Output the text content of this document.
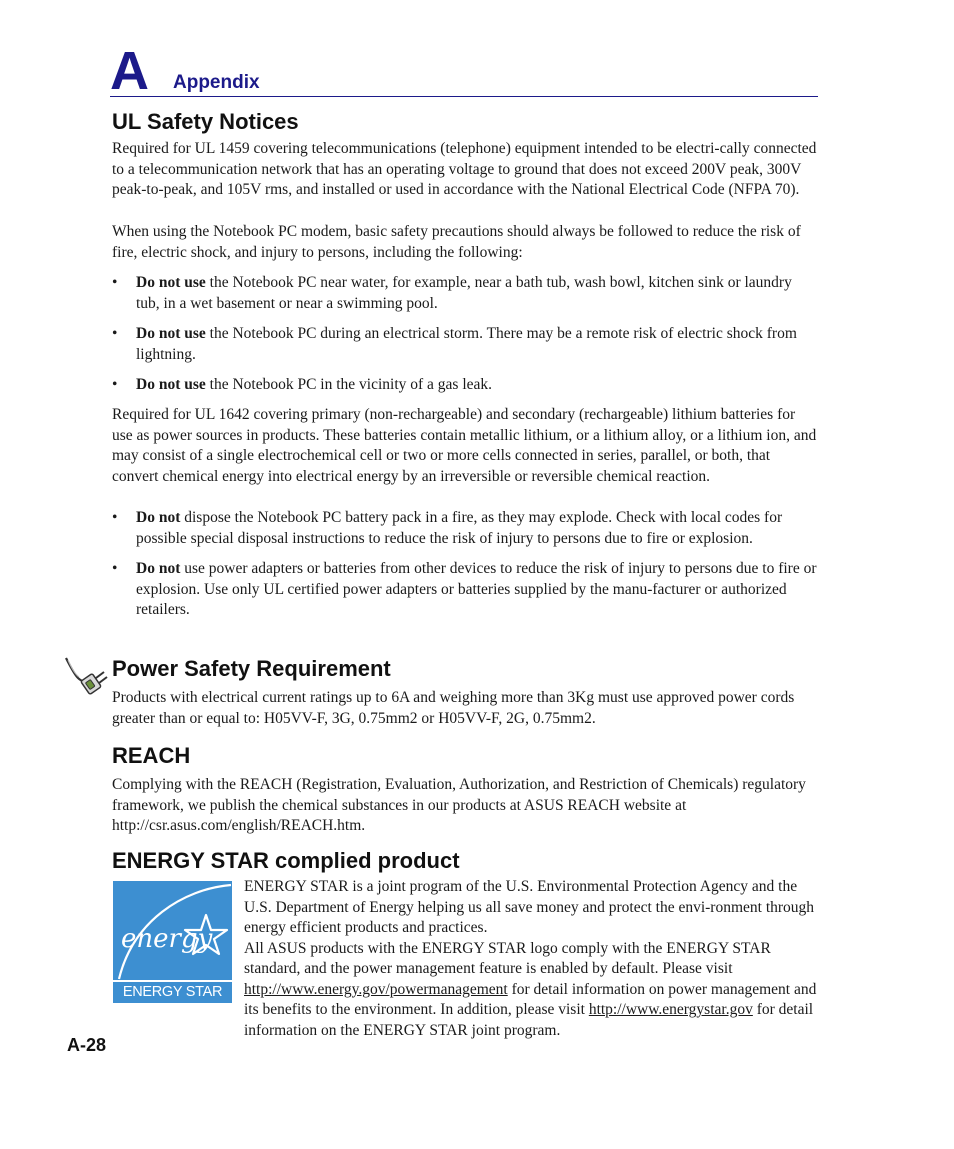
A Appendix
UL Safety Notices

Required for UL 1459 covering telecommunications (telephone) equipment intended to be electri-cally connected to a telecommunication network that has an operating voltage to ground that does not exceed 200V peak, 300V peak-to-peak, and 105V rms, and installed or used in accordance with the National Electrical Code (NFPA 70).

When using the Notebook PC modem, basic safety precautions should always be followed to reduce the risk of fire, electric shock, and injury to persons, including the following:

• Do not use the Notebook PC near water, for example, near a bath tub, wash bowl, kitchen sink or laundry tub, in a wet basement or near a swimming pool.
• Do not use the Notebook PC during an electrical storm. There may be a remote risk of electric shock from lightning.
• Do not use the Notebook PC in the vicinity of a gas leak.

Required for UL 1642 covering primary (non-rechargeable) and secondary (rechargeable) lithium batteries for use as power sources in products. These batteries contain metallic lithium, or a lithium alloy, or a lithium ion, and may consist of a single electrochemical cell or two or more cells connected in series, parallel, or both, that convert chemical energy into electrical energy by an irreversible or reversible chemical reaction.

• Do not dispose the Notebook PC battery pack in a fire, as they may explode. Check with local codes for possible special disposal instructions to reduce the risk of injury to persons due to fire or explosion.
• Do not use power adapters or batteries from other devices to reduce the risk of injury to persons due to fire or explosion. Use only UL certified power adapters or batteries supplied by the manu-facturer or authorized retailers.
Power Safety Requirement

Products with electrical current ratings up to 6A and weighing more than 3Kg must use approved power cords greater than or equal to: H05VV-F, 3G, 0.75mm2 or H05VV-F, 2G, 0.75mm2.

REACH

Complying with the REACH (Registration, Evaluation, Authorization, and Restriction of Chemicals) regulatory framework, we publish the chemical substances in our products at ASUS REACH website at http://csr.asus.com/english/REACH.htm.

ENERGY STAR complied product
energy
ENERGY STAR

ENERGY STAR is a joint program of the U.S. Environmental Protection Agency and the U.S. Department of Energy helping us all save money and protect the envi-ronment through energy efficient products and practices.

All ASUS products with the ENERGY STAR logo comply with the ENERGY STAR standard, and the power management feature is enabled by default. Please visit http://www.energy.gov/powermanagement for detail information on power management and its benefits to the environment. In addition, please visit http://​www.energystar.gov for detail information on the ENERGY STAR joint program.

A-28
